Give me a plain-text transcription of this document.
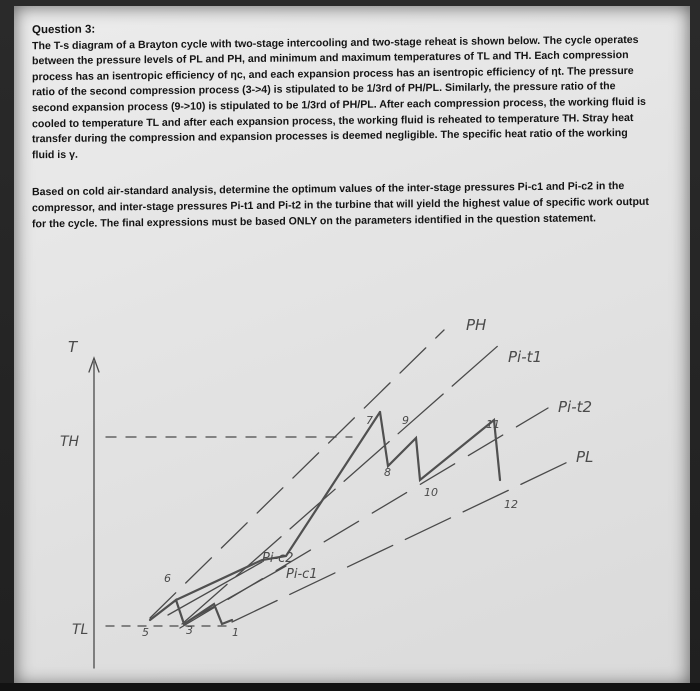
Question 3:

The T-s diagram of a Brayton cycle with two-stage intercooling and two-stage reheat is shown below. The cycle operates between the pressure levels of PL and PH, and minimum and maximum temperatures of TL and TH. Each compression process has an isentropic efficiency of ηc, and each expansion process has an isentropic efficiency of ηt. The pressure ratio of the second compression process (3->4) is stipulated to be 1/3rd of PH/PL. Similarly, the pressure ratio of the second expansion process (9->10) is stipulated to be 1/3rd of PH/PL. After each compression process, the working fluid is cooled to temperature TL and after each expansion process, the working fluid is reheated to temperature TH. Stray heat transfer during the compression and expansion processes is deemed negligible. The specific heat ratio of the working fluid is γ.

Based on cold air-standard analysis, determine the optimum values of the inter-stage pressures Pi-c1 and Pi-c2 in the compressor, and inter-stage pressures Pi-t1 and Pi-t2 in the turbine that will yield the highest value of specific work output for the cycle. The final expressions must be based ONLY on the parameters identified in the question statement.

T
TH
TL
PH
Pi-t1
Pi-t2
PL
Pi-c2
Pi-c1
1
3
5
6
7
8
9
10
11
12
